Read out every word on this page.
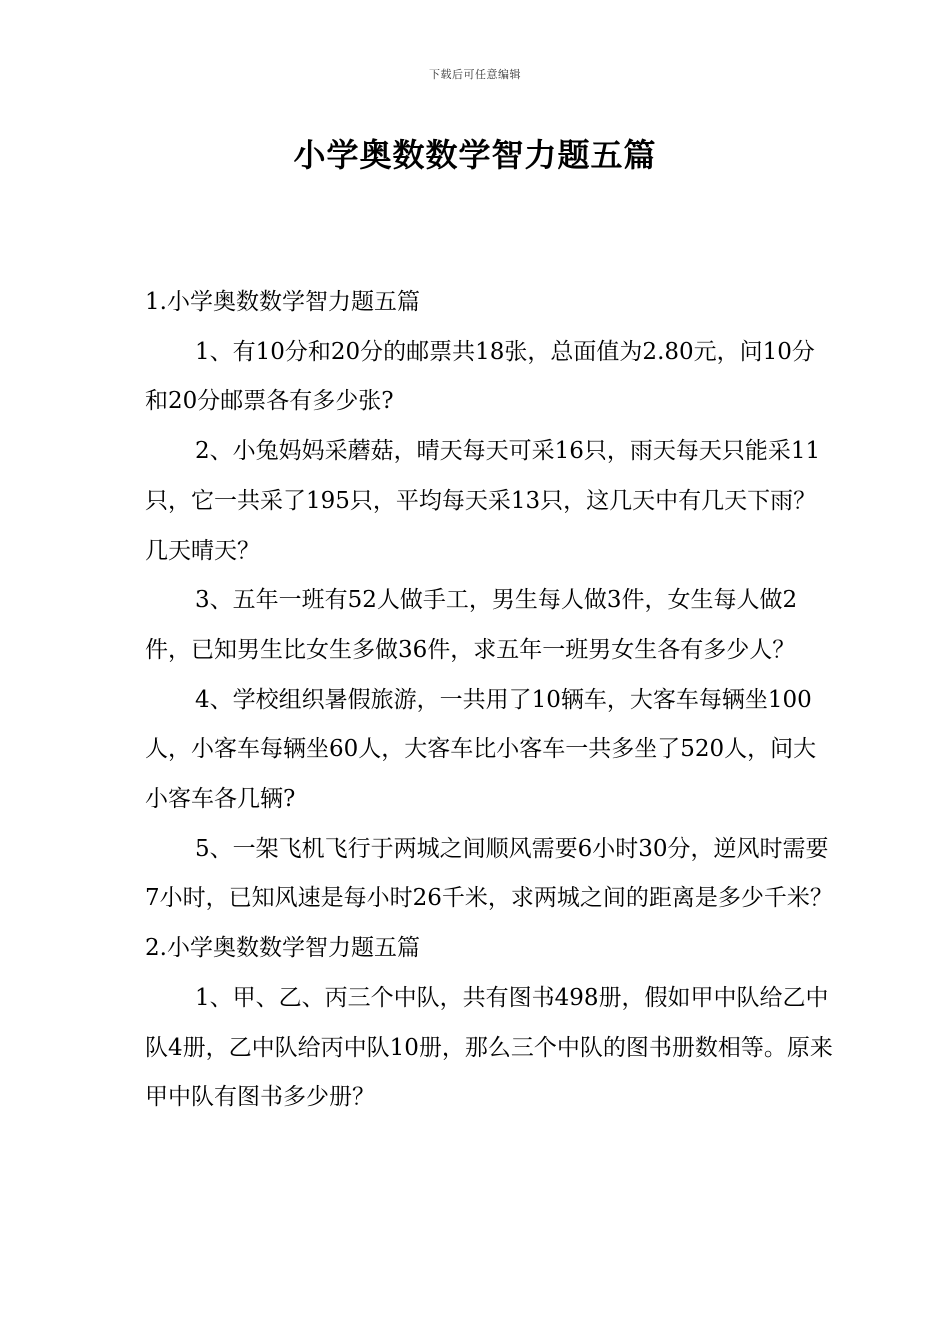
下载后可任意编辑
小学奥数数学智力题五篇

1.小学奥数数学智力题五篇

1、有10分和20分的邮票共18张，总面值为2.80元，问10分和20分邮票各有多少张?

2、小兔妈妈采蘑菇，晴天每天可采16只，雨天每天只能采11只，它一共采了195只，平均每天采13只，这几天中有几天下雨？几天晴天？

3、五年一班有52人做手工，男生每人做3件，女生每人做2件，已知男生比女生多做36件，求五年一班男女生各有多少人？

4、学校组织暑假旅游，一共用了10辆车，大客车每辆坐100人，小客车每辆坐60人，大客车比小客车一共多坐了520人，问大小客车各几辆?

5、一架飞机飞行于两城之间顺风需要6小时30分，逆风时需要7小时，已知风速是每小时26千米，求两城之间的距离是多少千米？

2.小学奥数数学智力题五篇

1、甲、乙、丙三个中队，共有图书498册，假如甲中队给乙中队4册，乙中队给丙中队10册，那么三个中队的图书册数相等。原来甲中队有图书多少册？
